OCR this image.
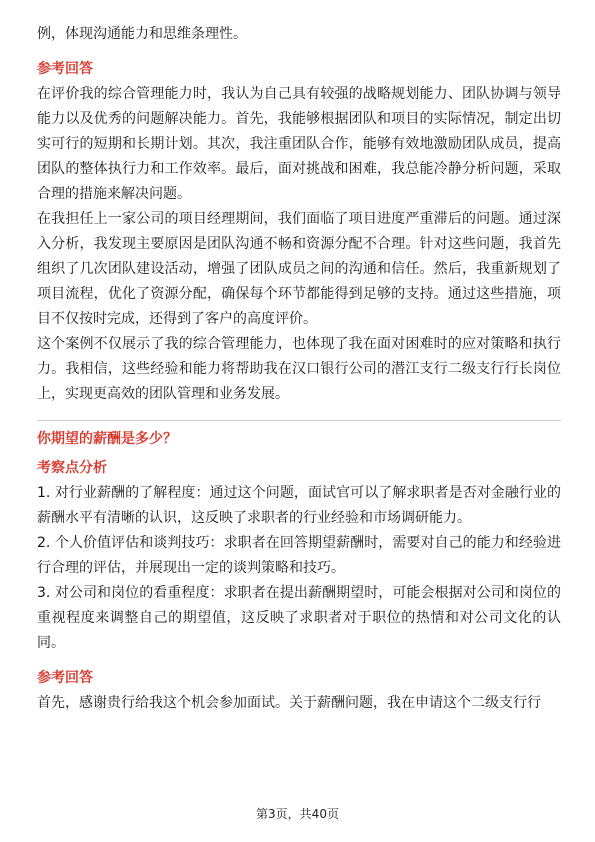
例，体现沟通能力和思维条理性。

参考回答

在评价我的综合管理能力时，我认为自己具有较强的战略规划能力、团队协调与领导能力以及优秀的问题解决能力。首先，我能够根据团队和项目的实际情况，制定出切实可行的短期和长期计划。其次，我注重团队合作，能够有效地激励团队成员，提高团队的整体执行力和工作效率。最后，面对挑战和困难，我总能冷静分析问题，采取合理的措施来解决问题。

在我担任上一家公司的项目经理期间，我们面临了项目进度严重滞后的问题。通过深入分析，我发现主要原因是团队沟通不畅和资源分配不合理。针对这些问题，我首先组织了几次团队建设活动，增强了团队成员之间的沟通和信任。然后，我重新规划了项目流程，优化了资源分配，确保每个环节都能得到足够的支持。通过这些措施，项目不仅按时完成，还得到了客户的高度评价。

这个案例不仅展示了我的综合管理能力，也体现了我在面对困难时的应对策略和执行力。我相信，这些经验和能力将帮助我在汉口银行公司的潜江支行二级支行行长岗位上，实现更高效的团队管理和业务发展。

你期望的薪酬是多少？

考察点分析

1. 对行业薪酬的了解程度：通过这个问题，面试官可以了解求职者是否对金融行业的薪酬水平有清晰的认识，这反映了求职者的行业经验和市场调研能力。

2. 个人价值评估和谈判技巧：求职者在回答期望薪酬时，需要对自己的能力和经验进行合理的评估，并展现出一定的谈判策略和技巧。

3. 对公司和岗位的看重程度：求职者在提出薪酬期望时，可能会根据对公司和岗位的重视程度来调整自己的期望值，这反映了求职者对于职位的热情和对公司文化的认同。

参考回答

首先，感谢贵行给我这个机会参加面试。关于薪酬问题，我在申请这个二级支行行

第3页，共40页
